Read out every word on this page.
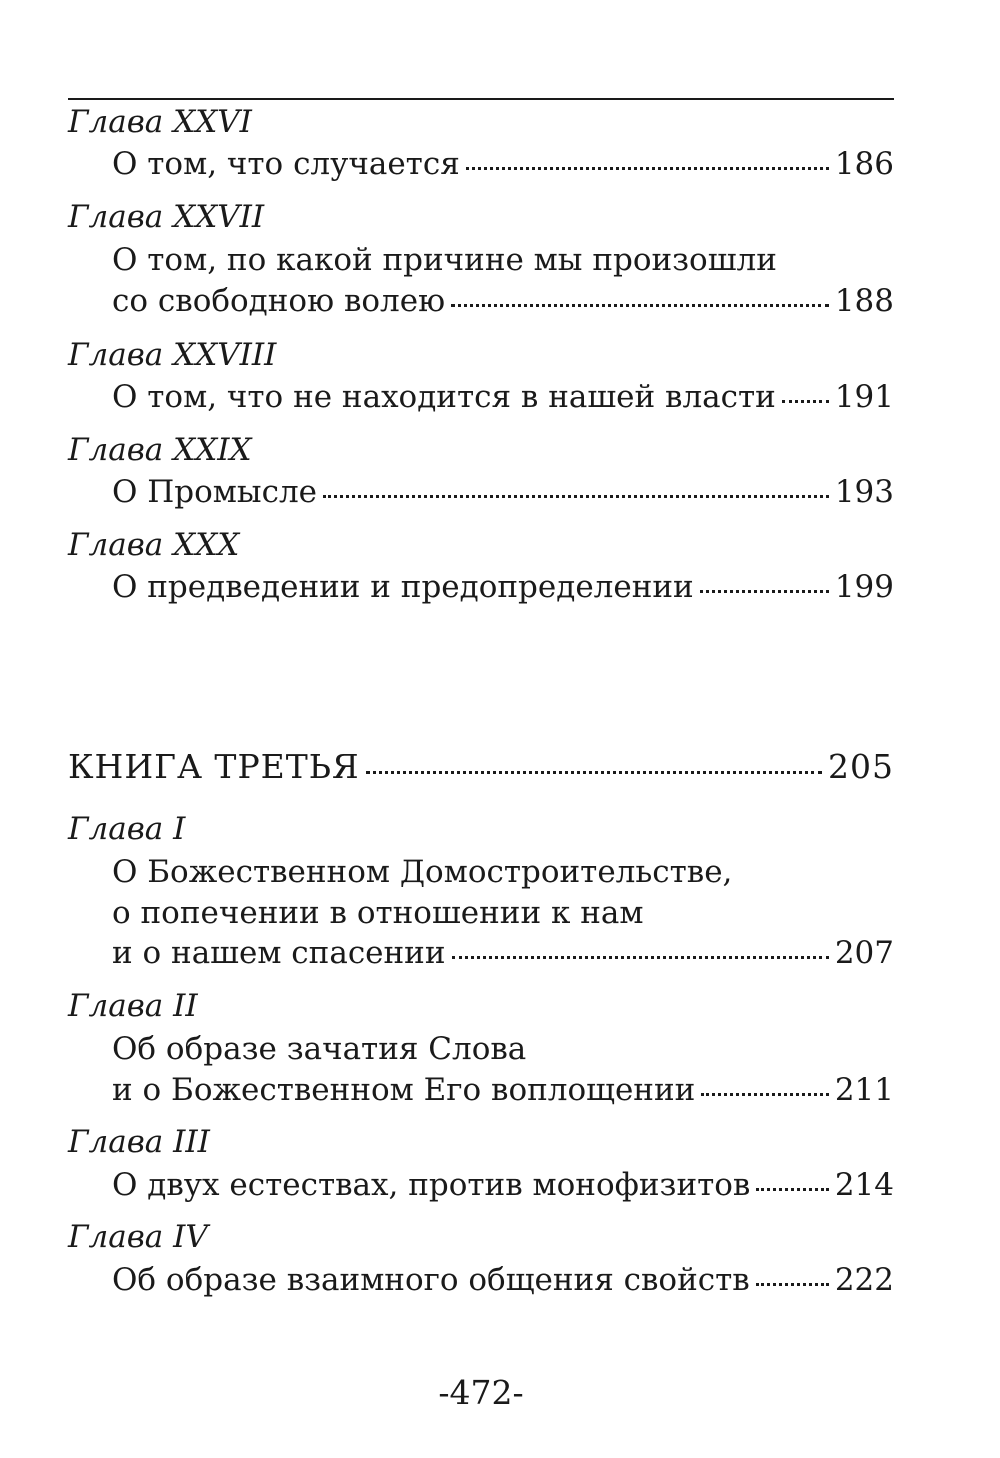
Глава XXVI
О том, что случается	186
Глава XXVII
О том, по какой причине мы произошли
со свободною волею	188
Глава XXVIII
О том, что не находится в нашей власти 191
Глава XXIX
О Промысле	193
Глава XXX
О предведении и предопределении	199
КНИГА ТРЕТЬЯ	205
Глава I
О Божественном Домостроительстве,
о попечении в отношении к нам
и о нашем спасении	207
Глава II
Об образе зачатия Слова
и о Божественном Его воплощении	211
Глава III
О двух естествах, против монофизитов	214
Глава IV
Об образе взаимного общения свойств	222
-472-
